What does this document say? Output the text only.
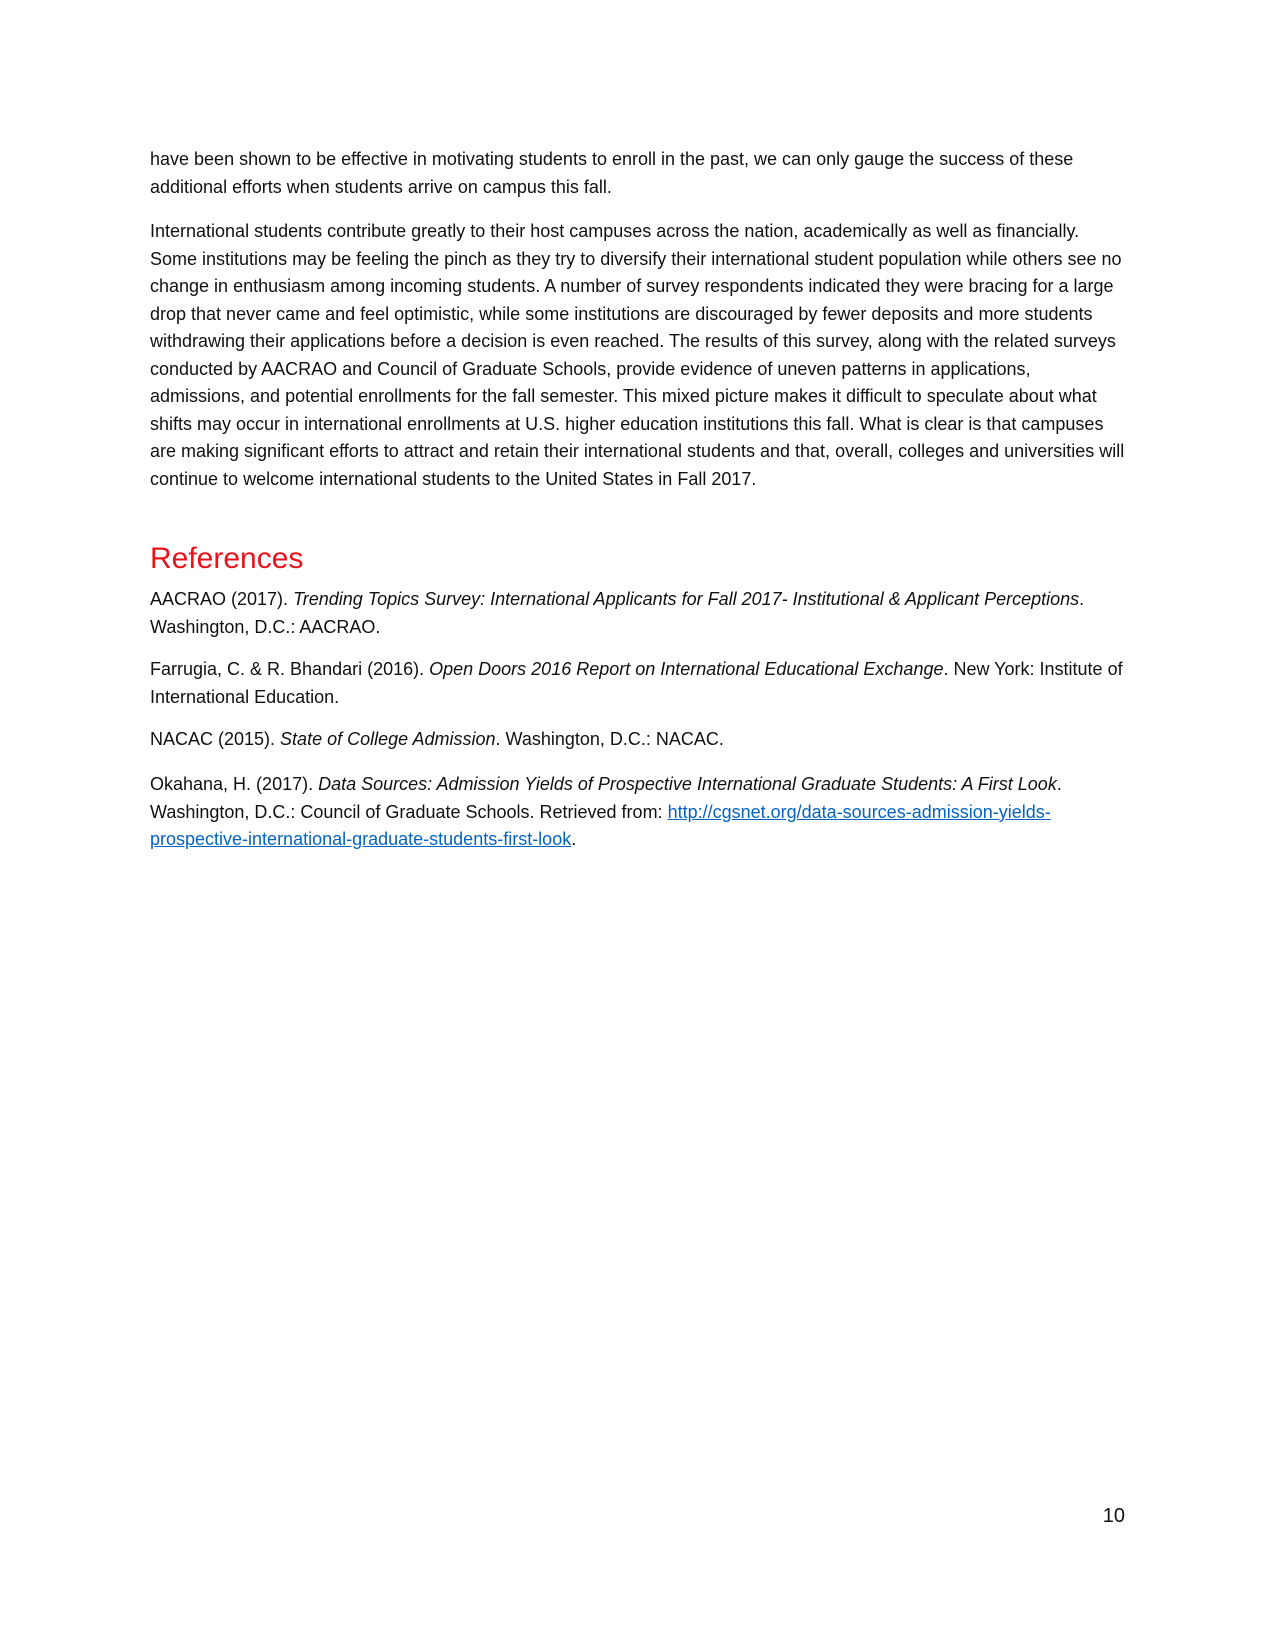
have been shown to be effective in motivating students to enroll in the past, we can only gauge the success of these additional efforts when students arrive on campus this fall.

International students contribute greatly to their host campuses across the nation, academically as well as financially. Some institutions may be feeling the pinch as they try to diversify their international student population while others see no change in enthusiasm among incoming students. A number of survey respondents indicated they were bracing for a large drop that never came and feel optimistic, while some institutions are discouraged by fewer deposits and more students withdrawing their applications before a decision is even reached. The results of this survey, along with the related surveys conducted by AACRAO and Council of Graduate Schools, provide evidence of uneven patterns in applications, admissions, and potential enrollments for the fall semester. This mixed picture makes it difficult to speculate about what shifts may occur in international enrollments at U.S. higher education institutions this fall. What is clear is that campuses are making significant efforts to attract and retain their international students and that, overall, colleges and universities will continue to welcome international students to the United States in Fall 2017.

References

AACRAO (2017). Trending Topics Survey: International Applicants for Fall 2017- Institutional & Applicant Perceptions. Washington, D.C.: AACRAO.

Farrugia, C. & R. Bhandari (2016). Open Doors 2016 Report on International Educational Exchange. New York: Institute of International Education.

NACAC (2015). State of College Admission. Washington, D.C.: NACAC.

Okahana, H. (2017). Data Sources: Admission Yields of Prospective International Graduate Students: A First Look. Washington, D.C.: Council of Graduate Schools. Retrieved from: http://cgsnet.org/data-sources-admission-yields-prospective-international-graduate-students-first-look.

10
